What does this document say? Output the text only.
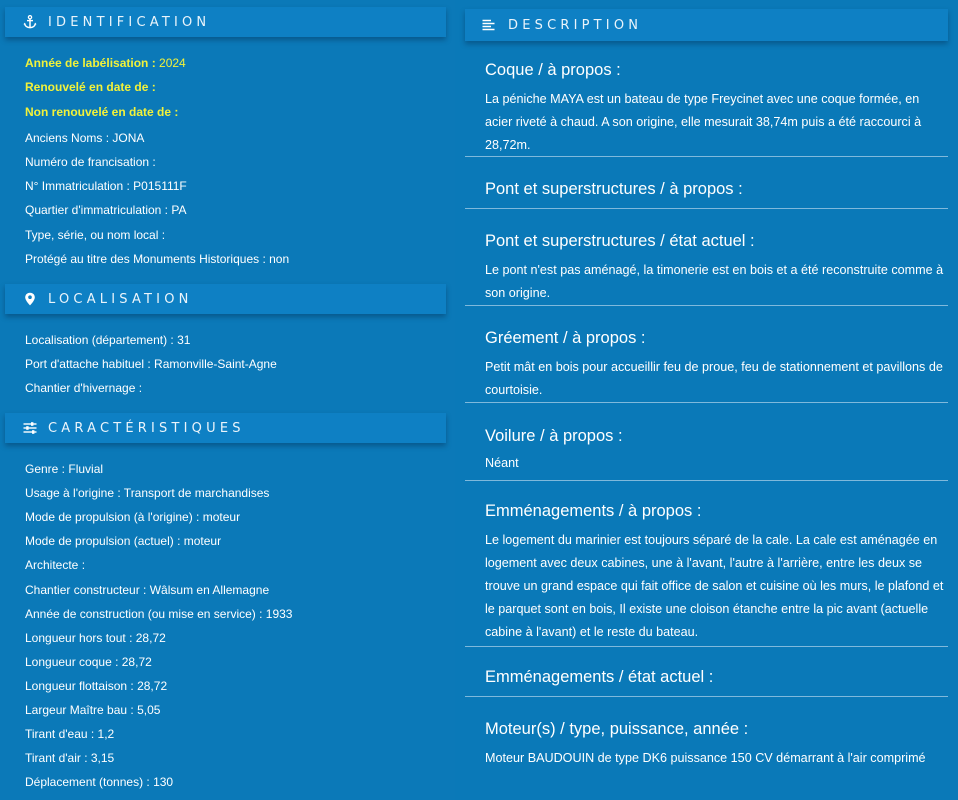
IDENTIFICATION
Année de labélisation : 2024
Renouvelé en date de :
Non renouvelé en date de :
Anciens Noms : JONA
Numéro de francisation :
N° Immatriculation : P015111F
Quartier d'immatriculation : PA
Type, série, ou nom local :
Protégé au titre des Monuments Historiques : non
LOCALISATION
Localisation (département) : 31
Port d'attache habituel : Ramonville-Saint-Agne
Chantier d'hivernage :
CARACTÉRISTIQUES
Genre : Fluvial
Usage à l'origine : Transport de marchandises
Mode de propulsion (à l'origine) : moteur
Mode de propulsion (actuel) : moteur
Architecte :
Chantier constructeur : Wâlsum en Allemagne
Année de construction (ou mise en service) : 1933
Longueur hors tout : 28,72
Longueur coque : 28,72
Longueur flottaison : 28,72
Largeur Maître bau : 5,05
Tirant d'eau : 1,2
Tirant d'air : 3,15
Déplacement (tonnes) : 130
DESCRIPTION
Coque / à propos :
La péniche MAYA est un bateau de type Freycinet avec une coque formée, en acier riveté à chaud. A son origine, elle mesurait 38,74m puis a été raccourci à 28,72m.
Pont et superstructures / à propos :
Pont et superstructures / état actuel :
Le pont n'est pas aménagé, la timonerie est en bois et a été reconstruite comme à son origine.
Gréement / à propos :
Petit mât en bois pour accueillir feu de proue, feu de stationnement et pavillons de courtoisie.
Voilure / à propos :
Néant
Emménagements / à propos :
Le logement du marinier est toujours séparé de la cale. La cale est aménagée en logement avec deux cabines, une à l'avant, l'autre à l'arrière, entre les deux se trouve un grand espace qui fait office de salon et cuisine où les murs, le plafond et le parquet sont en bois, Il existe une cloison étanche entre la pic avant (actuelle cabine à l'avant) et le reste du bateau.
Emménagements / état actuel :
Moteur(s) / type, puissance, année :
Moteur BAUDOUIN de type DK6 puissance 150 CV démarrant à l'air comprimé
